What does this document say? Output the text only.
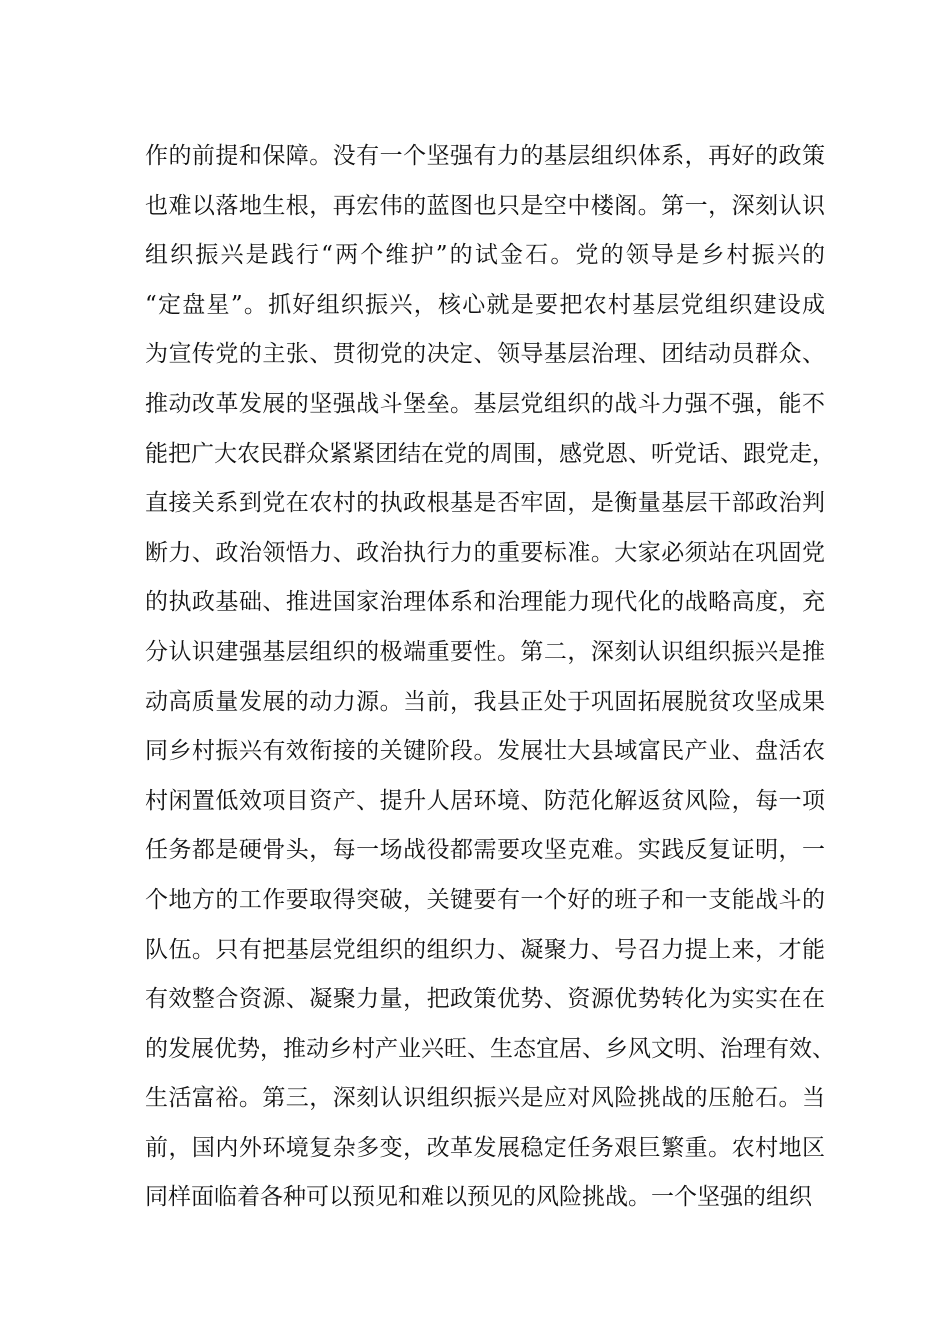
作的前提和保障。没有一个坚强有力的基层组织体系，再好的政策
也难以落地生根，再宏伟的蓝图也只是空中楼阁。第一，深刻认识
组织振兴是践行“两个维护”的试金石。党的领导是乡村振兴的
“定盘星”。抓好组织振兴，核心就是要把农村基层党组织建设成
为宣传党的主张、贯彻党的决定、领导基层治理、团结动员群众、
推动改革发展的坚强战斗堡垒。基层党组织的战斗力强不强，能不
能把广大农民群众紧紧团结在党的周围，感党恩、听党话、跟党走，
直接关系到党在农村的执政根基是否牢固，是衡量基层干部政治判
断力、政治领悟力、政治执行力的重要标准。大家必须站在巩固党
的执政基础、推进国家治理体系和治理能力现代化的战略高度，充
分认识建强基层组织的极端重要性。第二，深刻认识组织振兴是推
动高质量发展的动力源。当前，我县正处于巩固拓展脱贫攻坚成果
同乡村振兴有效衔接的关键阶段。发展壮大县域富民产业、盘活农
村闲置低效项目资产、提升人居环境、防范化解返贫风险，每一项
任务都是硬骨头，每一场战役都需要攻坚克难。实践反复证明，一
个地方的工作要取得突破，关键要有一个好的班子和一支能战斗的
队伍。只有把基层党组织的组织力、凝聚力、号召力提上来，才能
有效整合资源、凝聚力量，把政策优势、资源优势转化为实实在在
的发展优势，推动乡村产业兴旺、生态宜居、乡风文明、治理有效、
生活富裕。第三，深刻认识组织振兴是应对风险挑战的压舱石。当
前，国内外环境复杂多变，改革发展稳定任务艰巨繁重。农村地区
同样面临着各种可以预见和难以预见的风险挑战。一个坚强的组织
